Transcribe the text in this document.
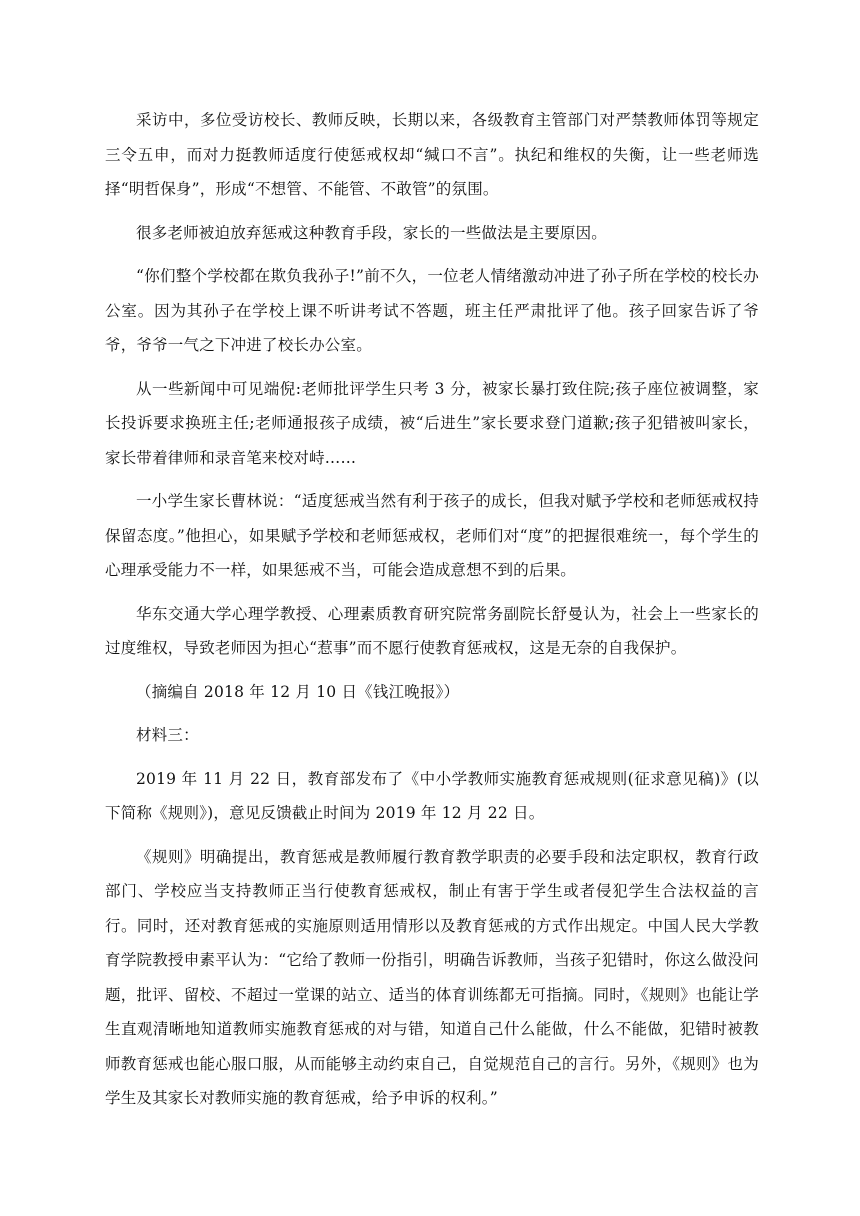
采访中，多位受访校长、教师反映，长期以来，各级教育主管部门对严禁教师体罚等规定三令五申，而对力挺教师适度行使惩戒权却“缄口不言”。执纪和维权的失衡，让一些老师选择“明哲保身”，形成“不想管、不能管、不敢管”的氛围。

很多老师被迫放弃惩戒这种教育手段，家长的一些做法是主要原因。

“你们整个学校都在欺负我孙子!”前不久，一位老人情绪激动冲进了孙子所在学校的校长办公室。因为其孙子在学校上课不听讲考试不答题，班主任严肃批评了他。孩子回家告诉了爷爷，爷爷一气之下冲进了校长办公室。

从一些新闻中可见端倪:老师批评学生只考 3 分，被家长暴打致住院;孩子座位被调整，家长投诉要求换班主任;老师通报孩子成绩，被“后进生”家长要求登门道歉;孩子犯错被叫家长，家长带着律师和录音笔来校对峙……

一小学生家长曹林说：“适度惩戒当然有利于孩子的成长，但我对赋予学校和老师惩戒权持保留态度。”他担心，如果赋予学校和老师惩戒权，老师们对“度”的把握很难统一，每个学生的心理承受能力不一样，如果惩戒不当，可能会造成意想不到的后果。

华东交通大学心理学教授、心理素质教育研究院常务副院长舒曼认为，社会上一些家长的过度维权，导致老师因为担心“惹事”而不愿行使教育惩戒权，这是无奈的自我保护。

（摘编自 2018 年 12 月 10 日《钱江晚报》）

材料三：

2019 年 11 月 22 日，教育部发布了《中小学教师实施教育惩戒规则(征求意见稿)》(以下简称《规则》)，意见反馈截止时间为 2019 年 12 月 22 日。

《规则》明确提出，教育惩戒是教师履行教育教学职责的必要手段和法定职权，教育行政部门、学校应当支持教师正当行使教育惩戒权，制止有害于学生或者侵犯学生合法权益的言行。同时，还对教育惩戒的实施原则适用情形以及教育惩戒的方式作出规定。中国人民大学教育学院教授申素平认为：“它给了教师一份指引，明确告诉教师，当孩子犯错时，你这么做没问题，批评、留校、不超过一堂课的站立、适当的体育训练都无可指摘。同时，《规则》也能让学生直观清晰地知道教师实施教育惩戒的对与错，知道自己什么能做，什么不能做，犯错时被教师教育惩戒也能心服口服，从而能够主动约束自己，自觉规范自己的言行。另外，《规则》也为学生及其家长对教师实施的教育惩戒，给予申诉的权利。”
